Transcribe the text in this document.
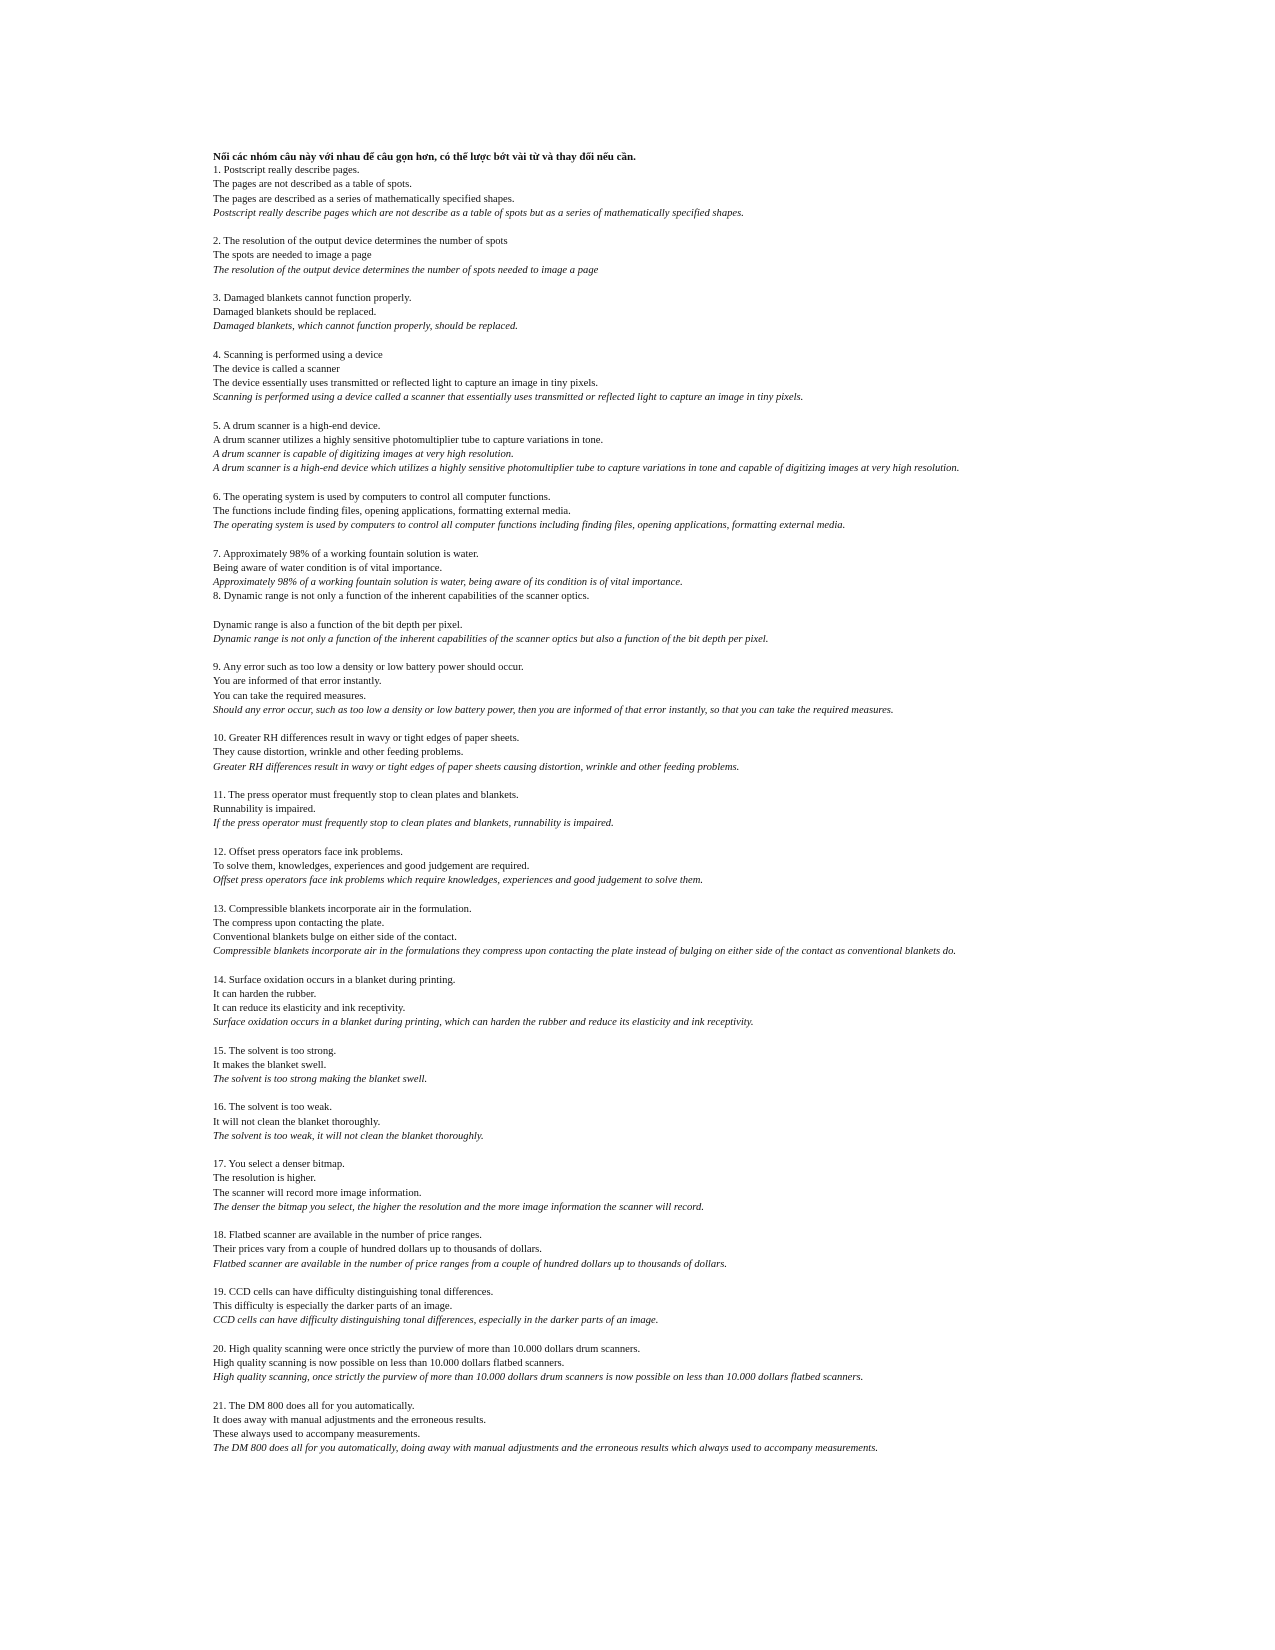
Nối các nhóm câu này với nhau để câu gọn hơn, có thể lược bớt vài từ và thay đổi nếu cần.

1. Postscript really describe pages.

The pages are not described as a table of spots.

The pages are described as a series of mathematically specified shapes.

Postscript really describe pages which are not describe as a table of spots but as a series of mathematically specified shapes.

2. The resolution of the output device determines the number of spots

The spots are needed to image a page

The resolution of the output device determines the number of spots needed to image a page

3. Damaged blankets cannot function properly.

Damaged blankets should be replaced.

Damaged blankets, which cannot function properly, should be replaced.

4. Scanning is performed using a device

The device is called a scanner

The device essentially uses transmitted or reflected light to capture an image in tiny pixels.

Scanning is performed using a device called a scanner that essentially uses transmitted or reflected light to capture an image in tiny pixels.

5. A drum scanner is a high-end device.

A drum scanner utilizes a highly sensitive photomultiplier tube to capture variations in tone.

A drum scanner is capable of digitizing images at very high resolution.

A drum scanner is a high-end device which utilizes a highly sensitive photomultiplier tube to capture variations in tone and capable of digitizing images at very high resolution.

6. The operating system is used by computers to control all computer functions.

The functions include finding files, opening applications, formatting external media.

The operating system is used by computers to control all computer functions including finding files, opening applications, formatting external media.

7. Approximately 98% of a working fountain solution is water.

Being aware of water condition is of vital importance.

Approximately 98% of a working fountain solution is water, being aware of its condition is of vital importance.

8. Dynamic range is not only a function of the inherent capabilities of the scanner optics.

Dynamic range is also a function of the bit depth per pixel.

Dynamic range is not only a function of the inherent capabilities of the scanner optics but also a function of the bit depth per pixel.

9. Any error such as too low a density or low battery power should occur.

You are informed of that error instantly.

You can take the required measures.

Should any error occur, such as too low a density or low battery power, then you are informed of that error instantly, so that you can take the required measures.

10. Greater RH differences result in wavy or tight edges of paper sheets.

They cause distortion, wrinkle and other feeding problems.

Greater RH differences result in wavy or tight edges of paper sheets causing distortion, wrinkle and other feeding problems.

11. The press operator must frequently stop to clean plates and blankets.

Runnability is impaired.

If the press operator must frequently stop to clean plates and blankets, runnability is impaired.

12. Offset press operators face ink problems.

To solve them, knowledges, experiences and good judgement are required.

Offset press operators face ink problems which require knowledges, experiences and good judgement to solve them.

13. Compressible blankets incorporate air in the formulation.

The compress upon contacting the plate.

Conventional blankets bulge on either side of the contact.

Compressible blankets incorporate air in the formulations they compress upon contacting the plate instead of bulging on either side of the contact as conventional blankets do.

14. Surface oxidation occurs in a blanket during printing.

It can harden the rubber.

It can reduce its elasticity and ink receptivity.

Surface oxidation occurs in a blanket during printing, which can harden the rubber and reduce its elasticity and ink receptivity.

15. The solvent is too strong.

It makes the blanket swell.

The solvent is too strong making the blanket swell.

16. The solvent is too weak.

It will not clean the blanket thoroughly.

The solvent is too weak, it will not clean the blanket thoroughly.

17. You select a denser bitmap.

The resolution is higher.

The scanner will record more image information.

The denser the bitmap you select, the higher the resolution and the more image information the scanner will record.

18. Flatbed scanner are available in the number of price ranges.

Their prices vary from a couple of hundred dollars up to thousands of dollars.

Flatbed scanner are available in the number of price ranges from a couple of hundred dollars up to thousands of dollars.

19. CCD cells can have difficulty distinguishing tonal differences.

This difficulty is especially the darker parts of an image.

CCD cells can have difficulty distinguishing tonal differences, especially in the darker parts of an image.

20. High quality scanning were once strictly the purview of more than 10.000 dollars drum scanners.

High quality scanning is now possible on less than 10.000 dollars flatbed scanners.

High quality scanning, once strictly the purview of more than 10.000 dollars drum scanners is now possible on less than 10.000 dollars flatbed scanners.

21. The DM 800 does all for you automatically.

It does away with manual adjustments and the erroneous results.

These always used to accompany measurements.

The DM 800 does all for you automatically, doing away with manual adjustments and the erroneous results which always used to accompany measurements.
